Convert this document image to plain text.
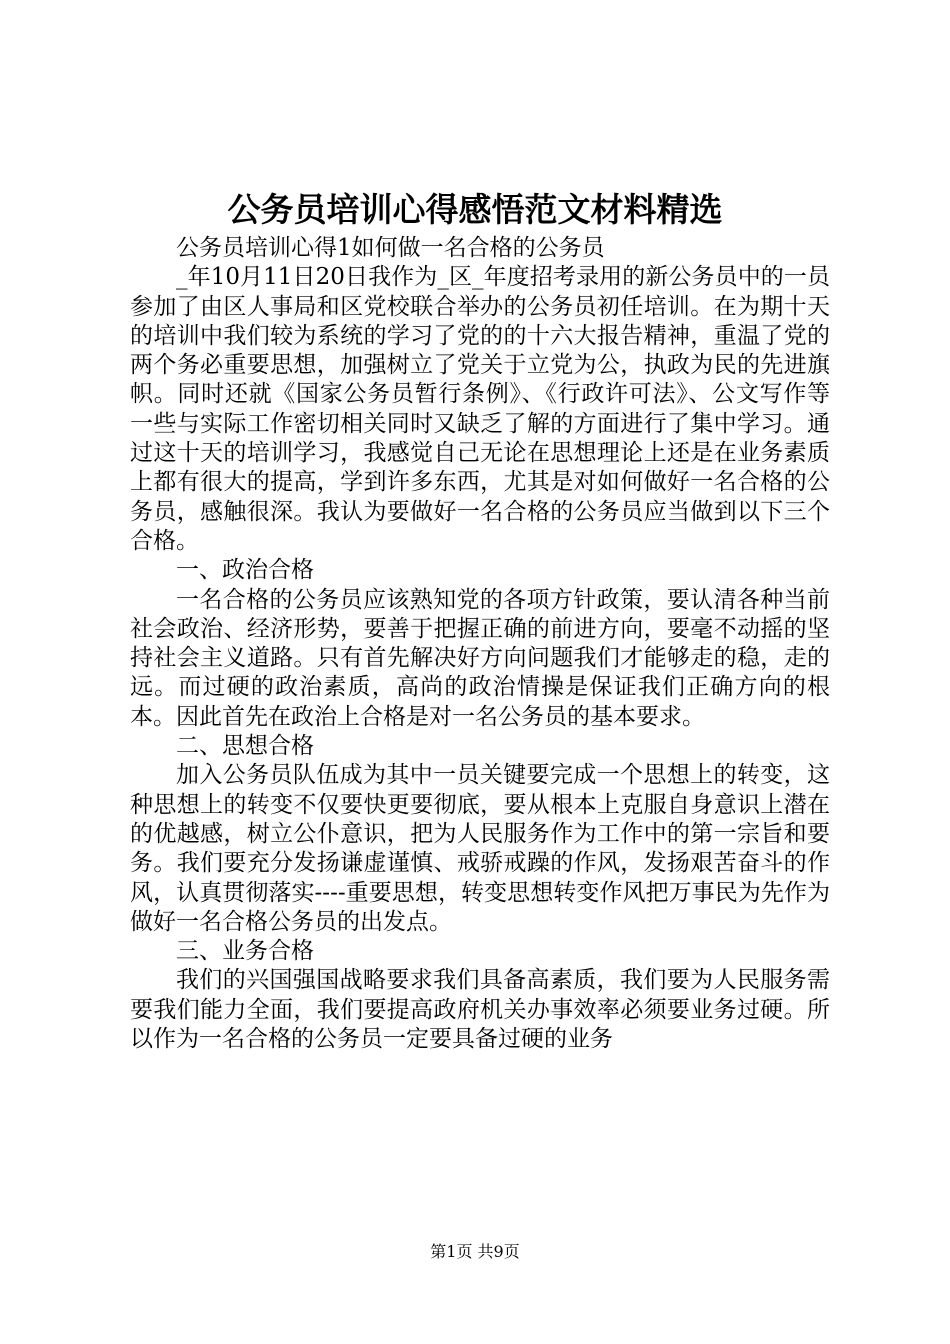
公务员培训心得感悟范文材料精选

公务员培训心得1如何做一名合格的公务员

_年10月11日20日我作为_区_年度招考录用的新公务员中的一员参加了由区人事局和区党校联合举办的公务员初任培训。在为期十天的培训中我们较为系统的学习了党的的十六大报告精神，重温了党的两个务必重要思想，加强树立了党关于立党为公，执政为民的先进旗帜。同时还就《国家公务员暂行条例》、《行政许可法》、公文写作等一些与实际工作密切相关同时又缺乏了解的方面进行了集中学习。通过这十天的培训学习，我感觉自己无论在思想理论上还是在业务素质上都有很大的提高，学到许多东西，尤其是对如何做好一名合格的公务员，感触很深。我认为要做好一名合格的公务员应当做到以下三个合格。

一、政治合格

一名合格的公务员应该熟知党的各项方针政策，要认清各种当前社会政治、经济形势，要善于把握正确的前进方向，要毫不动摇的坚持社会主义道路。只有首先解决好方向问题我们才能够走的稳，走的远。而过硬的政治素质，高尚的政治情操是保证我们正确方向的根本。因此首先在政治上合格是对一名公务员的基本要求。

二、思想合格

加入公务员队伍成为其中一员关键要完成一个思想上的转变，这种思想上的转变不仅要快更要彻底，要从根本上克服自身意识上潜在的优越感，树立公仆意识，把为人民服务作为工作中的第一宗旨和要务。我们要充分发扬谦虚谨慎、戒骄戒躁的作风，发扬艰苦奋斗的作风，认真贯彻落实----重要思想，转变思想转变作风把万事民为先作为做好一名合格公务员的出发点。

三、业务合格

我们的兴国强国战略要求我们具备高素质，我们要为人民服务需要我们能力全面，我们要提高政府机关办事效率必须要业务过硬。所以作为一名合格的公务员一定要具备过硬的业务

第1页 共9页
